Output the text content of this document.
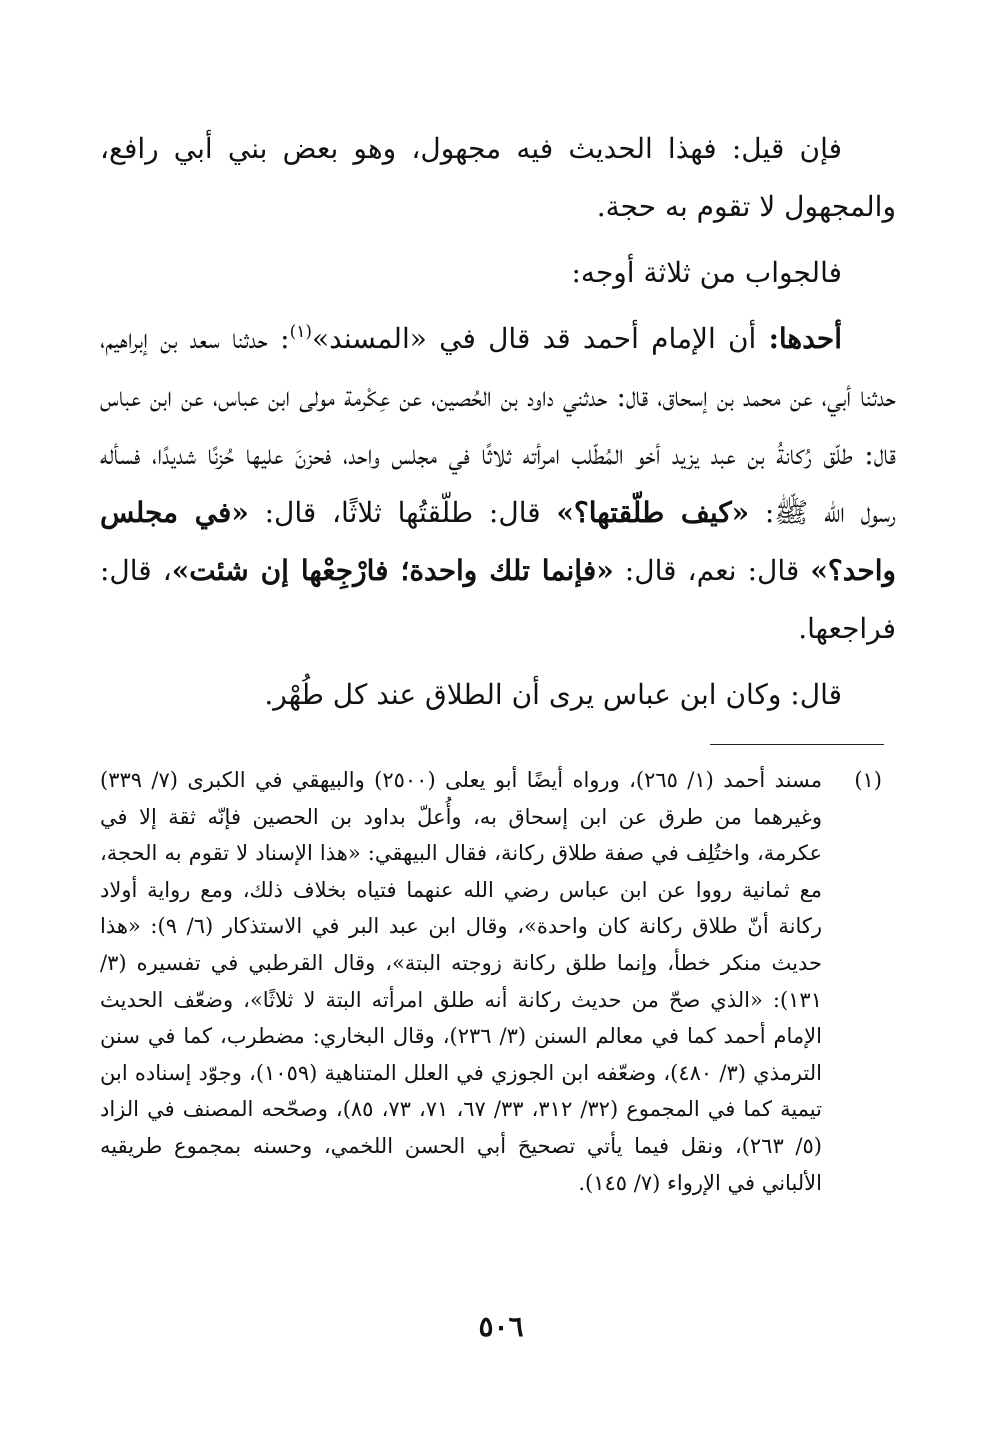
فإن قيل: فهذا الحديث فيه مجهول، وهو بعض بني أبي رافع، والمجهول لا تقوم به حجة.

فالجواب من ثلاثة أوجه:

أحدها: أن الإمام أحمد قد قال في «المسند»$^{(١)}$: حدثنا سعد بن إبراهيم، حدثنا أبي، عن محمد بن إسحاق، قال: حدثني داود بن الحُصين، عن عِكْرمة مولى ابن عباس، عن ابن عباس قال: طلّق رُكانةُ بن عبد يزيد أخو المُطّلب امرأته ثلاثًا في مجلس واحد، فحزنَ عليها حُزنًا شديدًا، فسأله رسول الله ﷺ: «كيف طلّقتها؟» قال: طلّقتُها ثلاثًا، قال: «في مجلس واحد؟» قال: نعم، قال: «فإنما تلك واحدة؛ فارْجِعْها إن شئت»، قال: فراجعها.

قال: وكان ابن عباس يرى أن الطلاق عند كل طُهْر.

(١)
مسند أحمد (١/ ٢٦٥)، ورواه أيضًا أبو يعلى (٢٥٠٠) والبيهقي في الكبرى (٧/ ٣٣٩) وغيرهما من طرق عن ابن إسحاق به، وأُعلّ بداود بن الحصين فإنّه ثقة إلا في عكرمة، واختُلِف في صفة طلاق ركانة، فقال البيهقي: «هذا الإسناد لا تقوم به الحجة، مع ثمانية رووا عن ابن عباس رضي الله عنهما فتياه بخلاف ذلك، ومع رواية أولاد ركانة أنّ طلاق ركانة كان واحدة»، وقال ابن عبد البر في الاستذكار (٦/ ٩): «هذا حديث منكر خطأ، وإنما طلق ركانة زوجته البتة»، وقال القرطبي في تفسيره (٣/ ١٣١): «الذي صحّ من حديث ركانة أنه طلق امرأته البتة لا ثلاثًا»، وضعّف الحديث الإمام أحمد كما في معالم السنن (٣/ ٢٣٦)، وقال البخاري: مضطرب، كما في سنن الترمذي (٣/ ٤٨٠)، وضعّفه ابن الجوزي في العلل المتناهية (١٠٥٩)، وجوّد إسناده ابن تيمية كما في المجموع (٣٢/ ٣١٢، ٣٣/ ٦٧، ٧١، ٧٣، ٨٥)، وصحّحه المصنف في الزاد (٥/ ٢٦٣)، ونقل فيما يأتي تصحيحَ أبي الحسن اللخمي، وحسنه بمجموع طريقيه الألباني في الإرواء (٧/ ١٤٥).

٥٠٦
